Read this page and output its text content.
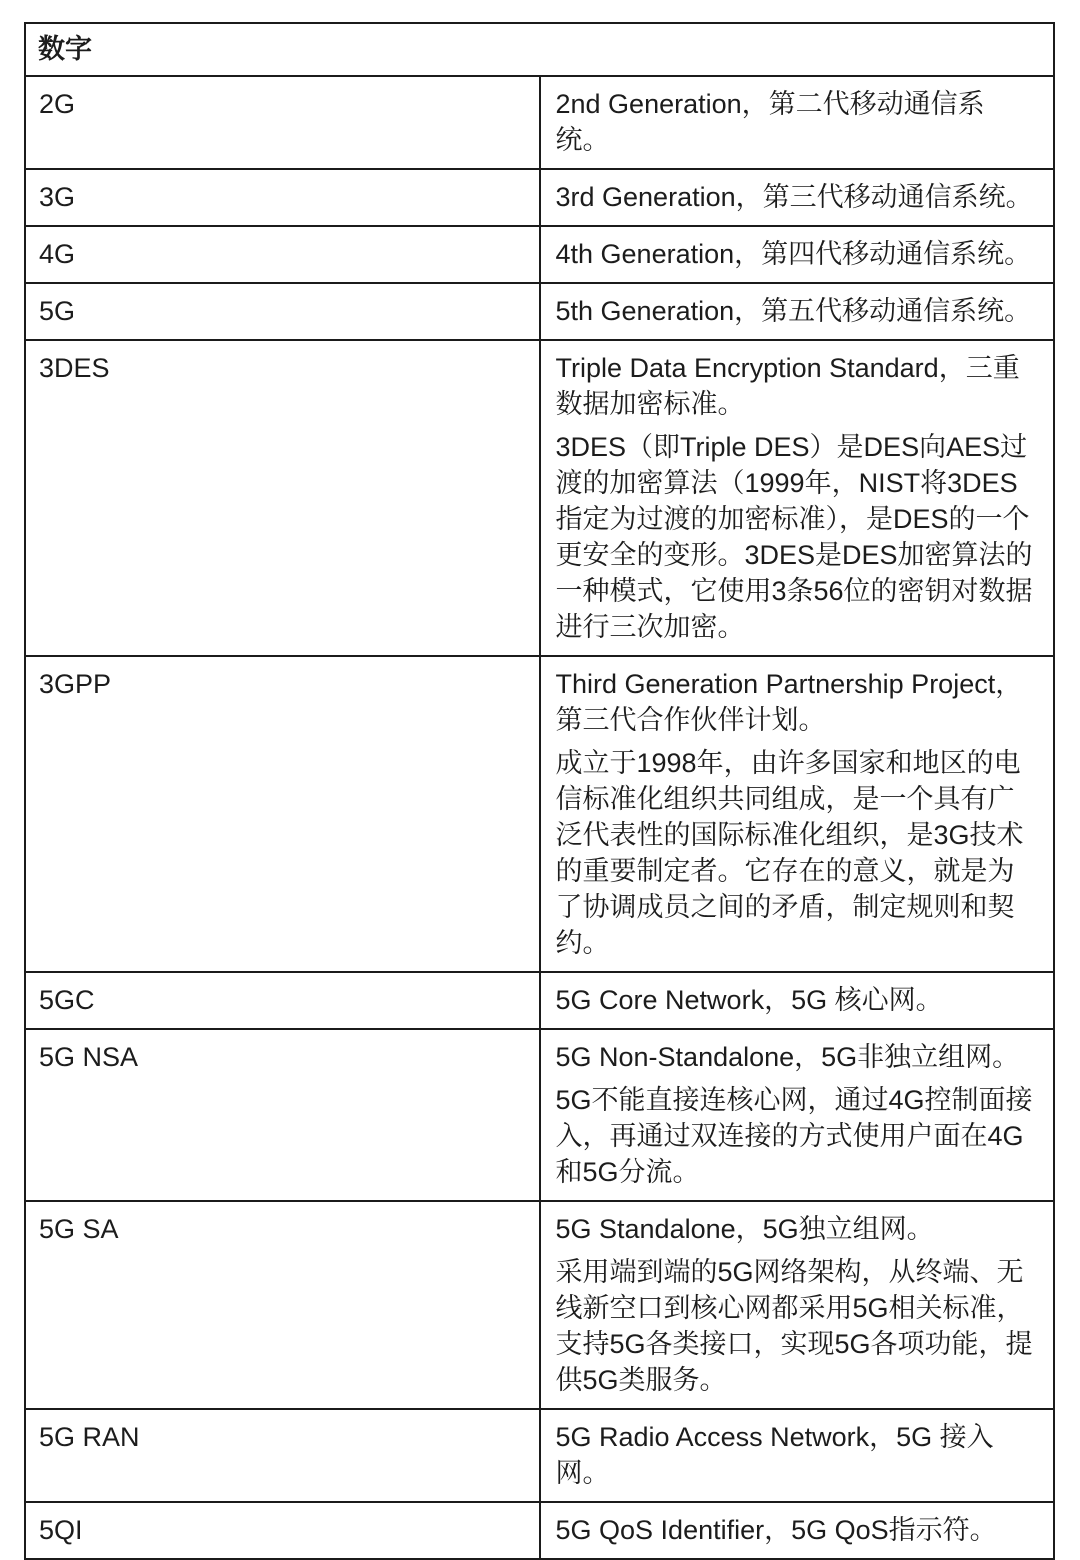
数字	
2G	2nd Generation，第二代移动通信系统。

3G	3rd Generation，第三代移动通信系统。

4G	4th Generation，第四代移动通信系统。

5G	5th Generation，第五代移动通信系统。

3DES	Triple Data Encryption Standard，三重数据加密标准。

3DES（即Triple DES）是DES向AES过渡的加密算法（1999年，NIST将3DES指定为过渡的加密标准），是DES的一个更安全的变形。3DES是DES加密算法的一种模式，它使用3条56位的密钥对数据进行三次加密。

3GPP	Third Generation Partnership Project，第三代合作伙伴计划。

成立于1998年，由许多国家和地区的电信标准化组织共同组成，是一个具有广泛代表性的国际标准化组织，是3G技术的重要制定者。它存在的意义，就是为了协调成员之间的矛盾，制定规则和契约。

5GC	5G Core Network，5G 核心网。

5G NSA	5G Non-Standalone，5G非独立组网。

5G不能直接连核心网，通过4G控制面接入，再通过双连接的方式使用户面在4G和5G分流。

5G SA	5G Standalone，5G独立组网。

采用端到端的5G网络架构，从终端、无线新空口到核心网都采用5G相关标准，支持5G各类接口，实现5G各项功能，提供5G类服务。

5G RAN	5G Radio Access Network，5G 接入网。

5QI	5G QoS Identifier，5G QoS指示符。
